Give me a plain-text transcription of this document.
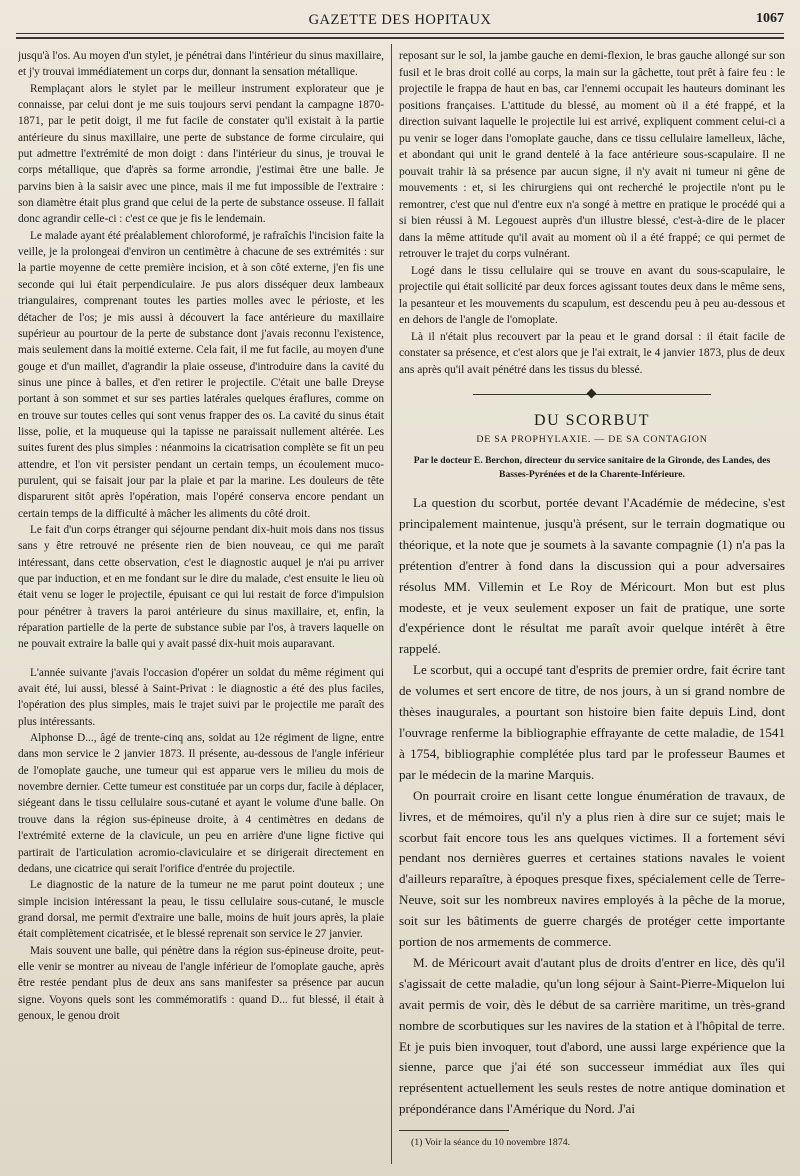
GAZETTE DES HOPITAUX	1067

jusqu'à l'os. Au moyen d'un stylet, je pénétrai dans l'intérieur du sinus maxillaire, et j'y trouvai immédiatement un corps dur, donnant la sensation métallique.

Remplaçant alors le stylet par le meilleur instrument explorateur que je connaisse, par celui dont je me suis toujours servi pendant la campagne 1870-1871, par le petit doigt, il me fut facile de constater qu'il existait à la partie antérieure du sinus maxillaire, une perte de substance de forme circulaire, qui put admettre l'extrémité de mon doigt : dans l'intérieur du sinus, je trouvai le corps métallique, que d'après sa forme arrondie, j'estimai être une balle. Je parvins bien à la saisir avec une pince, mais il me fut impossible de l'extraire : son diamètre était plus grand que celui de la perte de substance osseuse. Il fallait donc agrandir celle-ci : c'est ce que je fis le lendemain.

Le malade ayant été préalablement chloroformé, je rafraîchis l'incision faite la veille, je la prolongeai d'environ un centimètre à chacune de ses extrémités : sur la partie moyenne de cette première incision, et à son côté externe, j'en fis une seconde qui lui était perpendiculaire. Je pus alors disséquer deux lambeaux triangulaires, comprenant toutes les parties molles avec le périoste, et les détacher de l'os; je mis aussi à découvert la face antérieure du maxillaire supérieur au pourtour de la perte de substance dont j'avais reconnu l'existence, mais seulement dans la moitié externe. Cela fait, il me fut facile, au moyen d'une gouge et d'un maillet, d'agrandir la plaie osseuse, d'introduire dans la cavité du sinus une pince à balles, et d'en retirer le projectile. C'était une balle Dreyse portant à son sommet et sur ses parties latérales quelques éraflures, comme on en trouve sur toutes celles qui sont venus frapper des os. La cavité du sinus était lisse, polie, et la muqueuse qui la tapisse ne paraissait nullement altérée. Les suites furent des plus simples : néanmoins la cicatrisation complète se fit un peu attendre, et l'on vit persister pendant un certain temps, un écoulement muco-purulent, qui se faisait jour par la plaie et par la marine. Les douleurs de tête disparurent sitôt après l'opération, mais l'opéré conserva encore pendant un certain temps de la difficulté à mâcher les aliments du côté droit.

Le fait d'un corps étranger qui séjourne pendant dix-huit mois dans nos tissus sans y être retrouvé ne présente rien de bien nouveau, ce qui me paraît intéressant, dans cette observation, c'est le diagnostic auquel je n'ai pu arriver que par induction, et en me fondant sur le dire du malade, c'est ensuite le lieu où était venu se loger le projectile, épuisant ce qui lui restait de force d'impulsion pour pénétrer à travers la paroi antérieure du sinus maxillaire, et, enfin, la réparation partielle de la perte de substance subie par l'os, à travers laquelle on ne pouvait extraire la balle qui y avait passé dix-huit mois auparavant.

L'année suivante j'avais l'occasion d'opérer un soldat du même régiment qui avait été, lui aussi, blessé à Saint-Privat : le diagnostic a été des plus faciles, l'opération des plus simples, mais le trajet suivi par le projectile me paraît des plus intéressants.

Alphonse D..., âgé de trente-cinq ans, soldat au 12e régiment de ligne, entre dans mon service le 2 janvier 1873. Il présente, au-dessous de l'angle inférieur de l'omoplate gauche, une tumeur qui est apparue vers le milieu du mois de novembre dernier. Cette tumeur est constituée par un corps dur, facile à déplacer, siégeant dans le tissu cellulaire sous-cutané et ayant le volume d'une balle. On trouve dans la région sus-épineuse droite, à 4 centimètres en dedans de l'extrémité externe de la clavicule, un peu en arrière d'une ligne fictive qui partirait de l'articulation acromio-claviculaire et se dirigerait directement en dedans, une cicatrice qui serait l'orifice d'entrée du projectile.

Le diagnostic de la nature de la tumeur ne me parut point douteux ; une simple incision intéressant la peau, le tissu cellulaire sous-cutané, le muscle grand dorsal, me permit d'extraire une balle, moins de huit jours après, la plaie était complètement cicatrisée, et le blessé reprenait son service le 27 janvier.

Mais souvent une balle, qui pénètre dans la région sus-épineuse droite, peut-elle venir se montrer au niveau de l'angle inférieur de l'omoplate gauche, après être restée pendant plus de deux ans sans manifester sa présence par aucun signe. Voyons quels sont les commémoratifs : quand D... fut blessé, il était à genoux, le genou droit

reposant sur le sol, la jambe gauche en demi-flexion, le bras gauche allongé sur son fusil et le bras droit collé au corps, la main sur la gâchette, tout prêt à faire feu : le projectile le frappa de haut en bas, car l'ennemi occupait les hauteurs dominant les positions françaises. L'attitude du blessé, au moment où il a été frappé, et la direction suivant laquelle le projectile lui est arrivé, expliquent comment celui-ci a pu venir se loger dans l'omoplate gauche, dans ce tissu cellulaire lamelleux, lâche, et abondant qui unit le grand dentelé à la face antérieure sous-scapulaire. Il ne pouvait trahir là sa présence par aucun signe, il n'y avait ni tumeur ni gêne de mouvements : et, si les chirurgiens qui ont recherché le projectile n'ont pu le remontrer, c'est que nul d'entre eux n'a songé à mettre en pratique le procédé qui a si bien réussi à M. Legouest auprès d'un illustre blessé, c'est-à-dire de le placer dans la même attitude qu'il avait au moment où il a été frappé; ce qui permet de retrouver le trajet du corps vulnérant.

Logé dans le tissu cellulaire qui se trouve en avant du sous-scapulaire, le projectile qui était sollicité par deux forces agissant toutes deux dans le même sens, la pesanteur et les mouvements du scapulum, est descendu peu à peu au-dessous et en dehors de l'angle de l'omoplate.

Là il n'était plus recouvert par la peau et le grand dorsal : il était facile de constater sa présence, et c'est alors que je l'ai extrait, le 4 janvier 1873, plus de deux ans après qu'il avait pénétré dans les tissus du blessé.

DU SCORBUT
DE SA PROPHYLAXIE. — DE SA CONTAGION
Par le docteur E. Berchon, directeur du service sanitaire de la Gironde, des Landes, des Basses-Pyrénées et de la Charente-Inférieure.

La question du scorbut, portée devant l'Académie de médecine, s'est principalement maintenue, jusqu'à présent, sur le terrain dogmatique ou théorique, et la note que je soumets à la savante compagnie (1) n'a pas la prétention d'entrer à fond dans la discussion qui a pour adversaires résolus MM. Villemin et Le Roy de Méricourt. Mon but est plus modeste, et je veux seulement exposer un fait de pratique, une sorte d'expérience dont le résultat me paraît avoir quelque intérêt à être rappelé.

Le scorbut, qui a occupé tant d'esprits de premier ordre, fait écrire tant de volumes et sert encore de titre, de nos jours, à un si grand nombre de thèses inaugurales, a pourtant son histoire bien faite depuis Lind, dont l'ouvrage renferme la bibliographie effrayante de cette maladie, de 1541 à 1754, bibliographie complétée plus tard par le professeur Baumes et par le médecin de la marine Marquis.

On pourrait croire en lisant cette longue énumération de travaux, de livres, et de mémoires, qu'il n'y a plus rien à dire sur ce sujet; mais le scorbut fait encore tous les ans quelques victimes. Il a fortement sévi pendant nos dernières guerres et certaines stations navales le voient d'ailleurs reparaître, à époques presque fixes, spécialement celle de Terre-Neuve, soit sur les nombreux navires employés à la pêche de la morue, soit sur les bâtiments de guerre chargés de protéger cette importante portion de nos armements de commerce.

M. de Méricourt avait d'autant plus de droits d'entrer en lice, dès qu'il s'agissait de cette maladie, qu'un long séjour à Saint-Pierre-Miquelon lui avait permis de voir, dès le début de sa carrière maritime, un très-grand nombre de scorbutiques sur les navires de la station et à l'hôpital de terre. Et je puis bien invoquer, tout d'abord, une aussi large expérience que la sienne, parce que j'ai été son successeur immédiat aux îles qui représentent actuellement les seuls restes de notre antique domination et prépondérance dans l'Amérique du Nord. J'ai

(1) Voir la séance du 10 novembre 1874.
